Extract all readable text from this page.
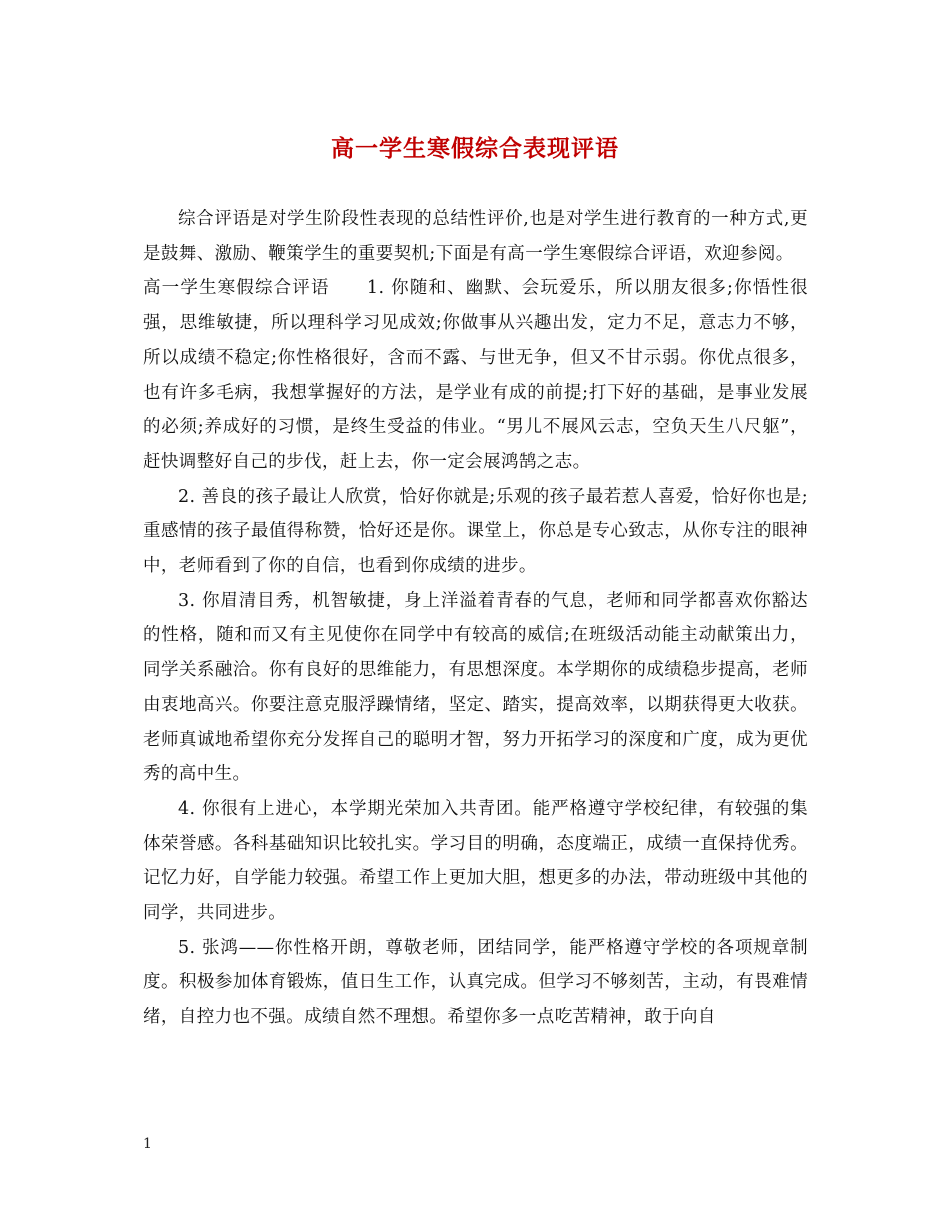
高一学生寒假综合表现评语

综合评语是对学生阶段性表现的总结性评价,也是对学生进行教育的一种方式,更是鼓舞、激励、鞭策学生的重要契机;下面是有高一学生寒假综合评语，欢迎参阅。

高一学生寒假综合评语　　1. 你随和、幽默、会玩爱乐，所以朋友很多;你悟性很强，思维敏捷，所以理科学习见成效;你做事从兴趣出发，定力不足，意志力不够，所以成绩不稳定;你性格很好，含而不露、与世无争，但又不甘示弱。你优点很多，也有许多毛病，我想掌握好的方法，是学业有成的前提;打下好的基础，是事业发展的必须;养成好的习惯，是终生受益的伟业。“男儿不展风云志，空负天生八尺躯”，赶快调整好自己的步伐，赶上去，你一定会展鸿鹄之志。

2. 善良的孩子最让人欣赏，恰好你就是;乐观的孩子最若惹人喜爱，恰好你也是;重感情的孩子最值得称赞，恰好还是你。课堂上，你总是专心致志，从你专注的眼神中，老师看到了你的自信，也看到你成绩的进步。

3. 你眉清目秀，机智敏捷，身上洋溢着青春的气息，老师和同学都喜欢你豁达的性格，随和而又有主见使你在同学中有较高的威信;在班级活动能主动献策出力，同学关系融洽。你有良好的思维能力，有思想深度。本学期你的成绩稳步提高，老师由衷地高兴。你要注意克服浮躁情绪，坚定、踏实，提高效率，以期获得更大收获。老师真诚地希望你充分发挥自己的聪明才智，努力开拓学习的深度和广度，成为更优秀的高中生。

4. 你很有上进心，本学期光荣加入共青团。能严格遵守学校纪律，有较强的集体荣誉感。各科基础知识比较扎实。学习目的明确，态度端正，成绩一直保持优秀。记忆力好，自学能力较强。希望工作上更加大胆，想更多的办法，带动班级中其他的同学，共同进步。

5. 张鸿——你性格开朗，尊敬老师，团结同学，能严格遵守学校的各项规章制度。积极参加体育锻炼，值日生工作，认真完成。但学习不够刻苦，主动，有畏难情绪，自控力也不强。成绩自然不理想。希望你多一点吃苦精神，敢于向自

1
